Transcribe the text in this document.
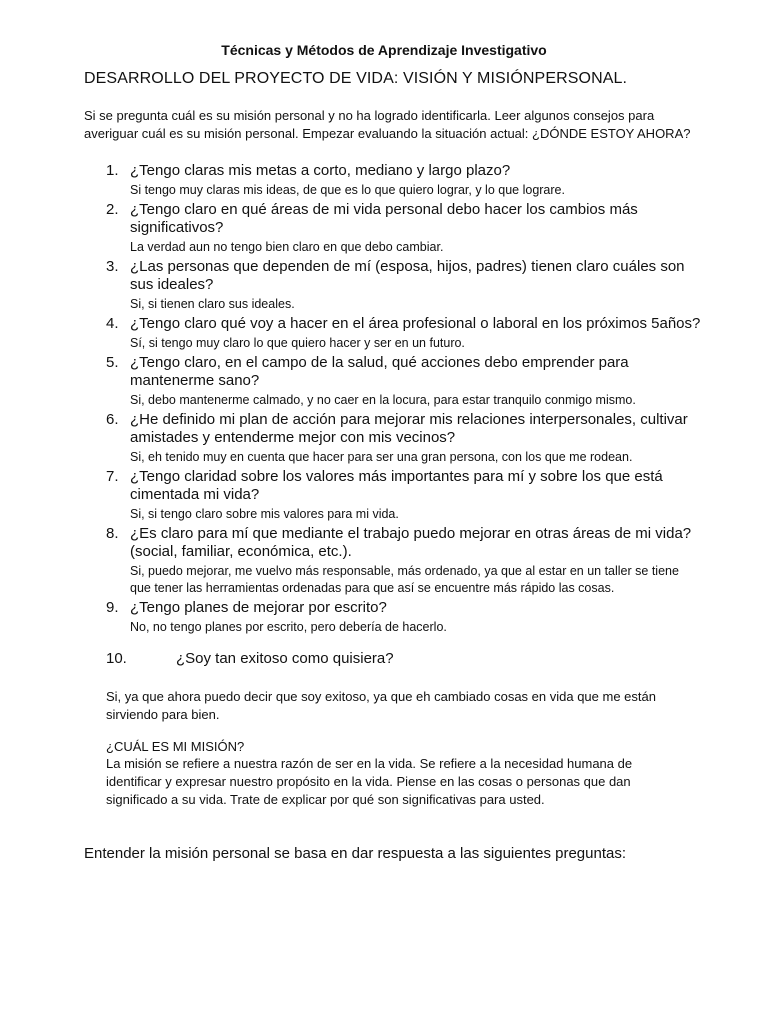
Técnicas y Métodos de Aprendizaje Investigativo
DESARROLLO DEL PROYECTO DE VIDA: VISIÓN Y MISIÓNPERSONAL.

Si se pregunta cuál es su misión personal y no ha logrado identificarla. Leer algunos consejos para averiguar cuál es su misión personal. Empezar evaluando la situación actual: ¿DÓNDE ESTOY AHORA?

1. ¿Tengo claras mis metas a corto, mediano y largo plazo?
Si tengo muy claras mis ideas, de que es lo que quiero lograr, y lo que lograre.
2. ¿Tengo claro en qué áreas de mi vida personal debo hacer los cambios más significativos?
La verdad aun no tengo bien claro en que debo cambiar.
3. ¿Las personas que dependen de mí (esposa, hijos, padres) tienen claro cuáles son sus ideales?
Si, si tienen claro sus ideales.
4. ¿Tengo claro qué voy a hacer en el área profesional o laboral en los próximos 5años?
Sí, si tengo muy claro lo que quiero hacer y ser en un futuro.
5. ¿Tengo claro, en el campo de la salud, qué acciones debo emprender para mantenerme sano?
Si, debo mantenerme calmado, y no caer en la locura, para estar tranquilo conmigo mismo.
6. ¿He definido mi plan de acción para mejorar mis relaciones interpersonales, cultivar amistades y entenderme mejor con mis vecinos?
Si, eh tenido muy en cuenta que hacer para ser una gran persona, con los que me rodean.
7. ¿Tengo claridad sobre los valores más importantes para mí y sobre los que está cimentada mi vida?
Si, si tengo claro sobre mis valores para mi vida.
8. ¿Es claro para mí que mediante el trabajo puedo mejorar en otras áreas de mi vida? (social, familiar, económica, etc.).
Si, puedo mejorar, me vuelvo más responsable, más ordenado, ya que al estar en un taller se tiene que tener las herramientas ordenadas para que así se encuentre más rápido las cosas.
9. ¿Tengo planes de mejorar por escrito?
No, no tengo planes por escrito, pero debería de hacerlo.
10.	¿Soy tan exitoso como quisiera?
Si, ya que ahora puedo decir que soy exitoso, ya que eh cambiado cosas en vida que me están sirviendo para bien.
¿CUÁL ES MI MISIÓN?
La misión se refiere a nuestra razón de ser en la vida. Se refiere a la necesidad humana de identificar y expresar nuestro propósito en la vida. Piense en las cosas o personas que dan significado a su vida. Trate de explicar por qué son significativas para usted.

Entender la misión personal se basa en dar respuesta a las siguientes preguntas:
